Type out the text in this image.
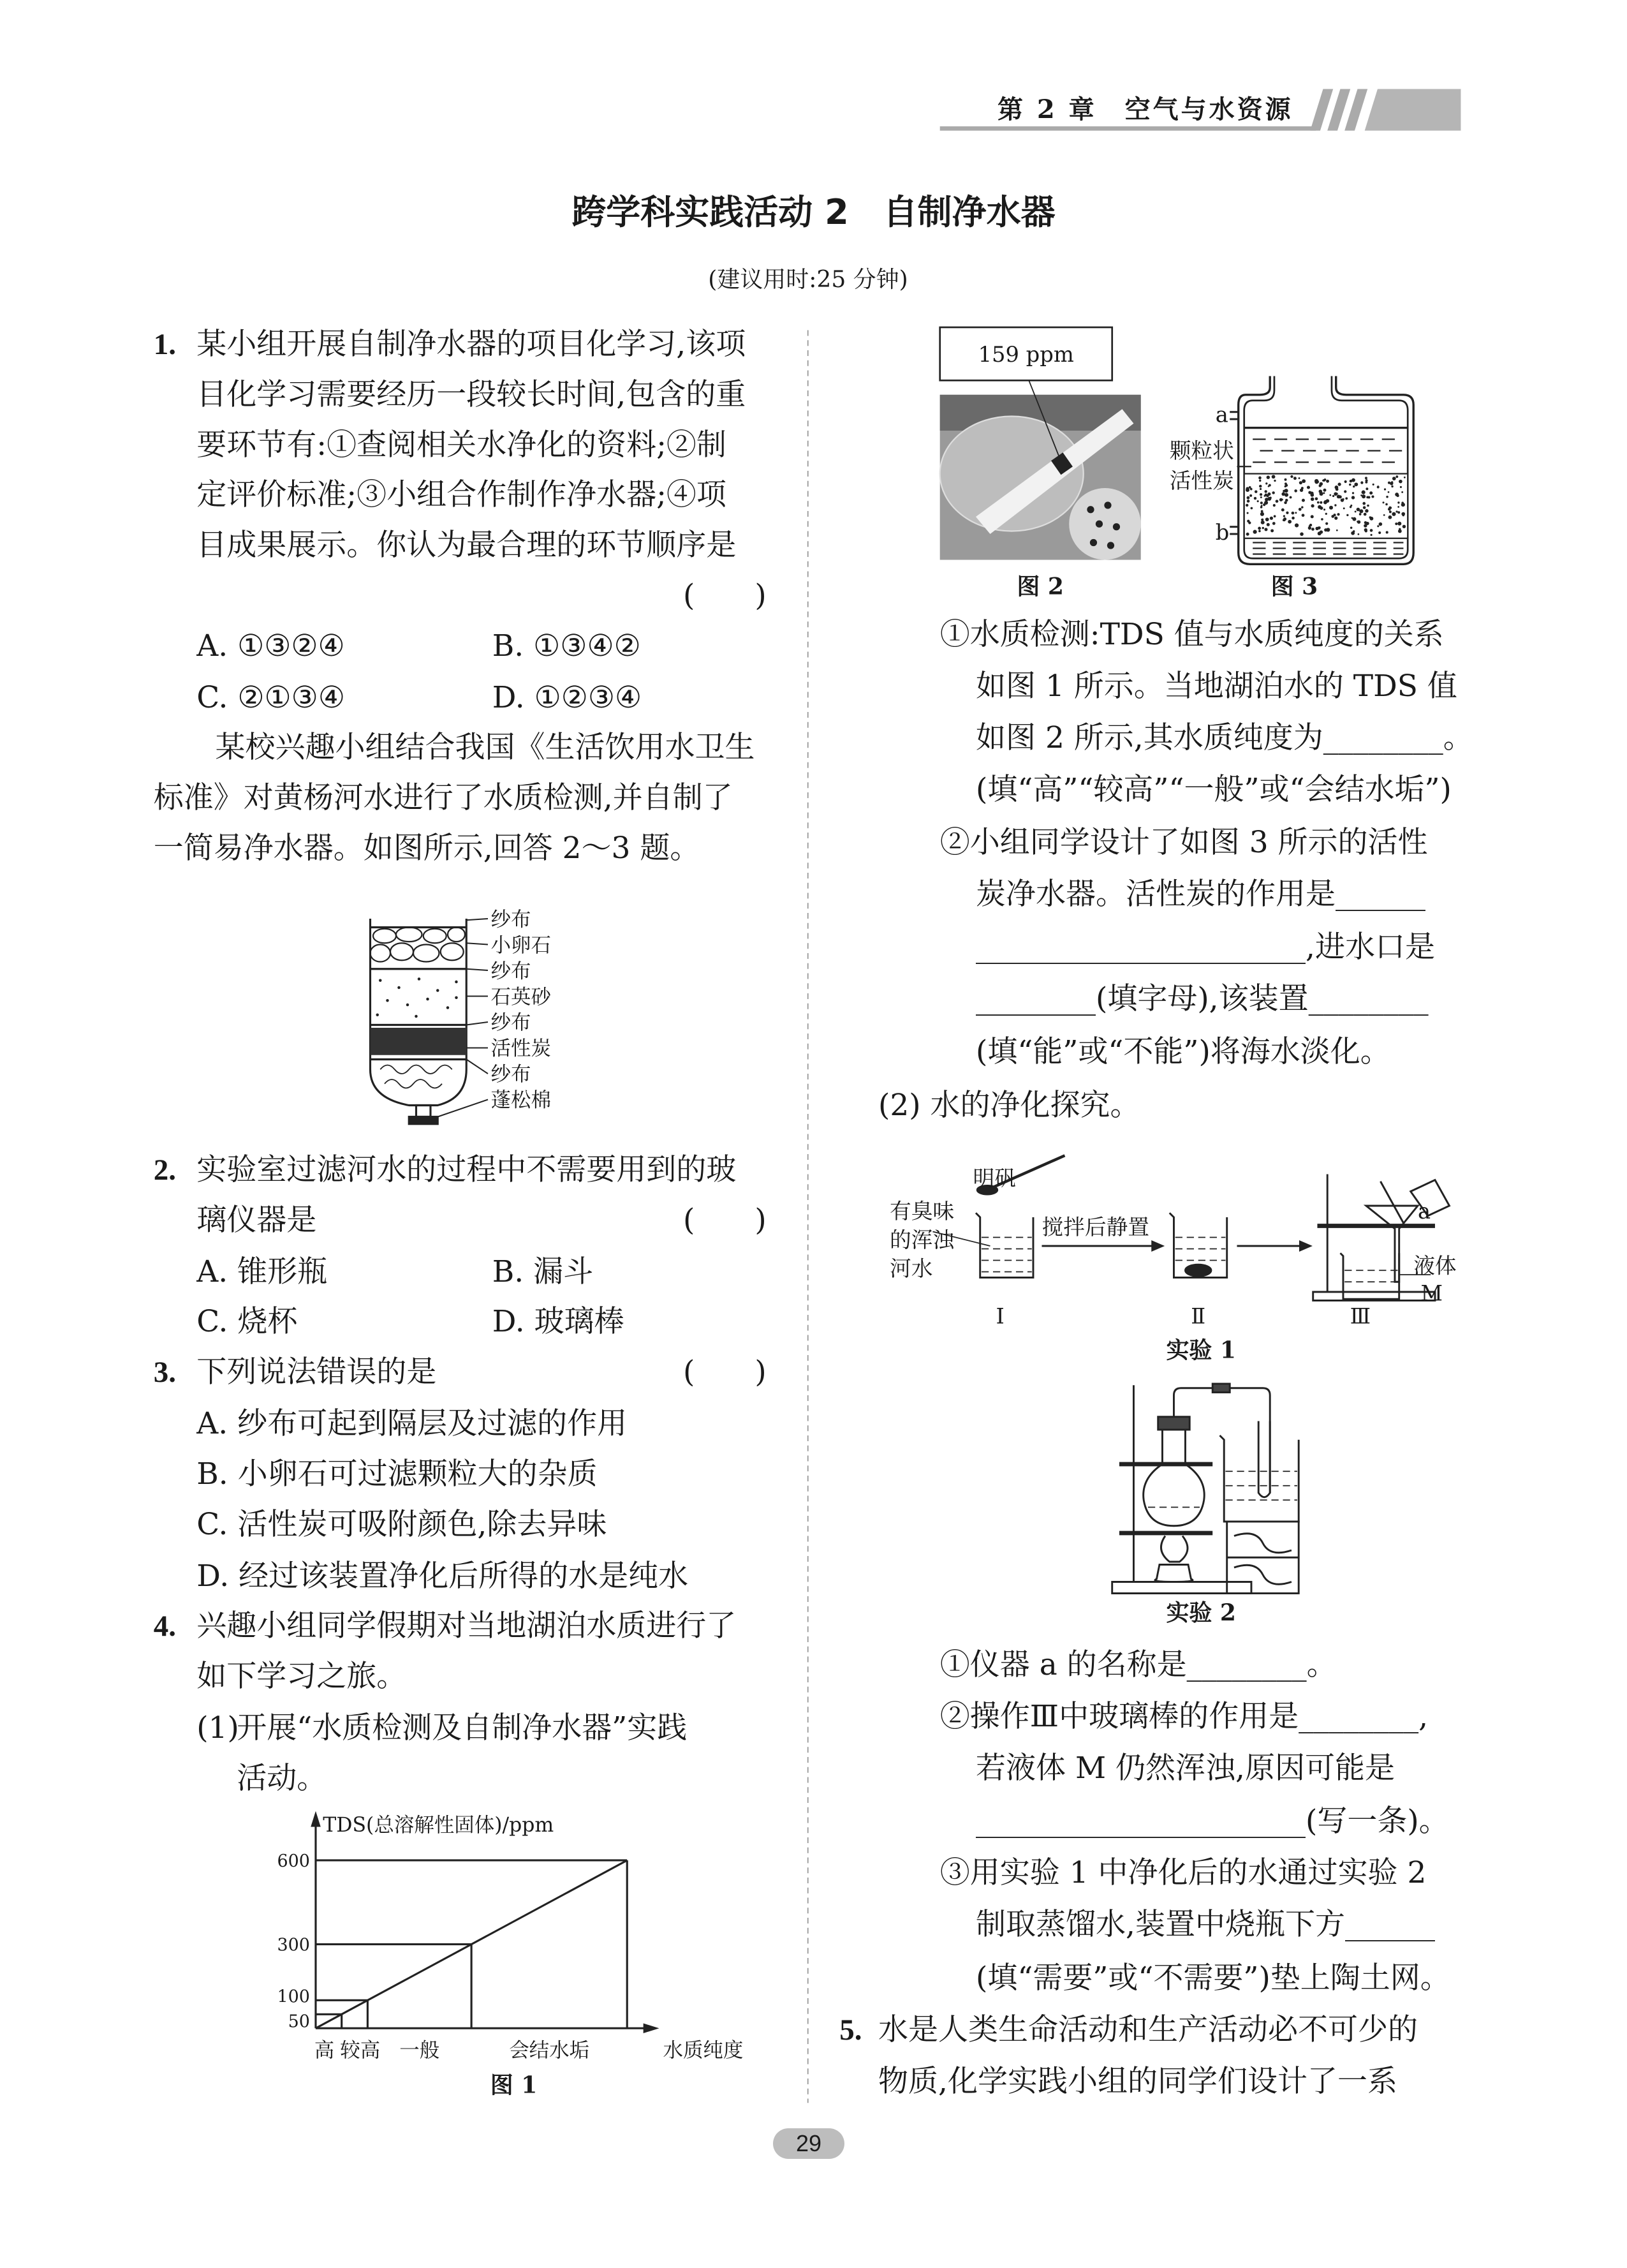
第 2 章　空气与水资源
跨学科实践活动 2　自制净水器
(建议用时:25 分钟)
1. 某小组开展自制净水器的项目化学习,该项
目化学习需要经历一段较长时间,包含的重
要环节有:①查阅相关水净化的资料;②制
定评价标准;③小组合作制作净水器;④项
目成果展示。你认为最合理的环节顺序是
(　　)
A. ①③②④	B. ①③④②
C. ②①③④	D. ①②③④
某校兴趣小组结合我国《生活饮用水卫生
标准》对黄杨河水进行了水质检测,并自制了
一简易净水器。如图所示,回答 2～3 题。
2. 实验室过滤河水的过程中不需要用到的玻
璃仪器是	(　　)
A. 锥形瓶	B. 漏斗
C. 烧杯	D. 玻璃棒
3. 下列说法错误的是	(　　)
A. 纱布可起到隔层及过滤的作用
B. 小卵石可过滤颗粒大的杂质
C. 活性炭可吸附颜色,除去异味
D. 经过该装置净化后所得的水是纯水
4. 兴趣小组同学假期对当地湖泊水质进行了
如下学习之旅。
(1)
开展“水质检测及自制净水器”实践
活动。
①水质检测:TDS 值与水质纯度的关系
如图 1 所示。当地湖泊水的 TDS 值
如图 2 所示,其水质纯度为________。
(填“高”“较高”“一般”或“会结水垢”)
②小组同学设计了如图 3 所示的活性
炭净水器。活性炭的作用是______
______________________,进水口是
________(填字母),该装置________
(填“能”或“不能”)将海水淡化。
(2) 水的净化探究。
①仪器 a 的名称是________。
②操作Ⅲ中玻璃棒的作用是________,
若液体 M 仍然浑浊,原因可能是
______________________(写一条)。
③用实验 1 中净化后的水通过实验 2
制取蒸馏水,装置中烧瓶下方______
(填“需要”或“不需要”)垫上陶土网。
5. 水是人类生命活动和生产活动必不可少的
物质,化学实践小组的同学们设计了一系
纱布
小卵石
纱布
石英砂
纱布
活性炭
纱布
蓬松棉
159 ppm
图 2
a
b
颗粒状
活性炭
图 3
明矾
有臭味
的浑浊
河水
搅拌后静置
a
液体
M
Ⅰ	Ⅱ	Ⅲ
实验 1
实验 2
50
100
300
600
高 较高 一般	会结水垢
TDS(总溶解性固体)/ppm
水质纯度
图 1
29
